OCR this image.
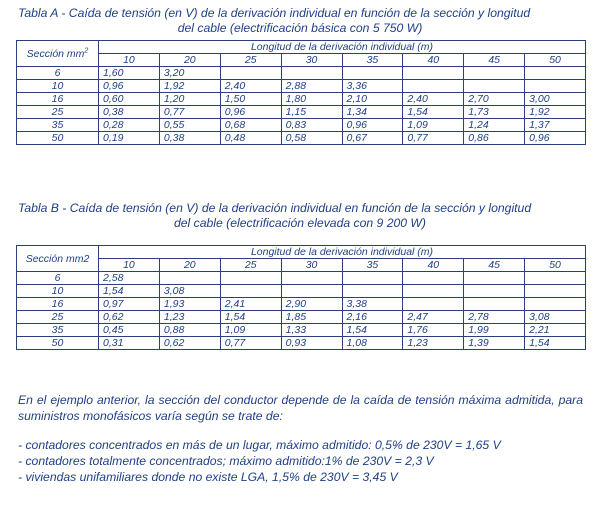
Tabla A - Caída de tensión (en V) de la derivación individual en función de la sección y longitud
del cable (electrificación básica con 5 750 W)
Sección $mm^2$	Longitud de la derivación individual (m)							
	10	20	25	30	35	40	45	50
6	1,60	3,20						
10	0,96	1,92	2,40	2,88	3,36			
16	0,60	1,20	1,50	1,80	2,10	2,40	2,70	3,00
25	0,38	0,77	0,96	1,15	1,34	1,54	1,73	1,92
35	0,28	0,55	0,68	0,83	0,96	1,09	1,24	1,37
50	0,19	0,38	0,48	0,58	0,67	0,77	0,86	0,96
Tabla B - Caída de tensión (en V) de la derivación individual en función de la sección y longitud
del cable (electrificación elevada con 9 200 W)
Sección mm2	Longitud de la derivación individual (m)							
	10	20	25	30	35	40	45	50
6	2,58							
10	1,54	3,08						
16	0,97	1,93	2,41	2,90	3,38			
25	0,62	1,23	1,54	1,85	2,16	2,47	2,78	3,08
35	0,45	0,88	1,09	1,33	1,54	1,76	1,99	2,21
50	0,31	0,62	0,77	0,93	1,08	1,23	1,39	1,54
En el ejemplo anterior, la sección del conductor depende de la caída de tensión máxima admitida, para suministros monofásicos varía según se trate de:
- contadores concentrados en más de un lugar, máximo admitido: 0,5% de 230V = 1,65 V
- contadores totalmente concentrados; máximo admitido:1% de 230V = 2,3 V
- viviendas unifamiliares donde no existe LGA, 1,5% de 230V = 3,45 V
